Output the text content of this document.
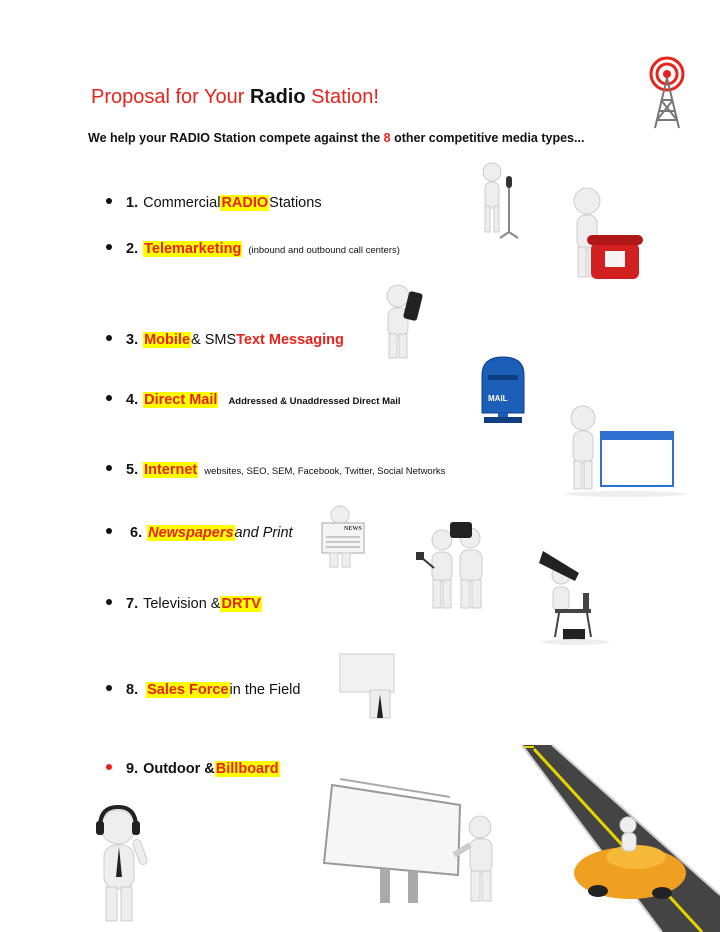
Proposal for Your Radio Station!
We help your RADIO Station compete against the 8 other competitive media types...
1. Commercial RADIO Stations
2. Telemarketing (inbound and outbound call centers)
3. Mobile & SMS Text Messaging
4. Direct Mail Addressed & Unaddressed Direct Mail
5. Internet websites, SEO, SEM, Facebook, Twitter, Social Networks
6. Newspapers and Print
7. Television & DRTV
8. Sales Force in the Field
9. Outdoor & Billboard
MAIL
NEWS
